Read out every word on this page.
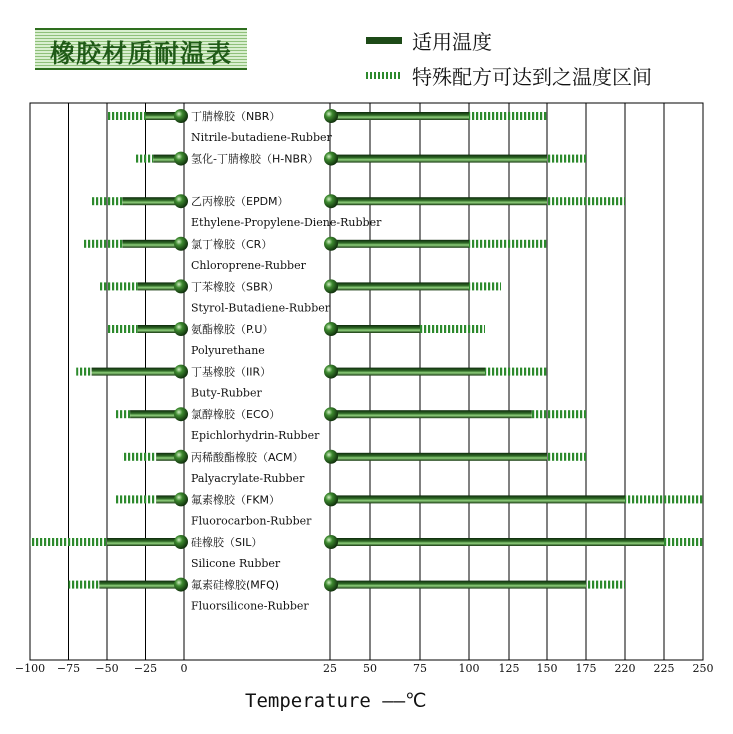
橡胶材质耐温表	适用温度
特殊配方可达到之温度区间
丁腈橡胶（NBR）
Nitrile-butadiene-Rubber
氢化-丁腈橡胶（H-NBR）
乙丙橡胶（EPDM）
Ethylene-Propylene-Diene-Rubber
氯丁橡胶（CR）
Chloroprene-Rubber
丁苯橡胶（SBR）
Styrol-Butadiene-Rubber
氨酯橡胶（P.U）
Polyurethane
丁基橡胶（IIR）
Buty-Rubber
氯醇橡胶（ECO）
Epichlorhydrin-Rubber
丙稀酸酯橡胶（ACM）
Palyacrylate-Rubber
氟素橡胶（FKM）
Fluorocarbon-Rubber
硅橡胶（SIL）
Silicone Rubber
氟素硅橡胶(MFQ)
Fluorsilicone-Rubber
−100 −75 −50 −25 0	25 50	75	100 125 150 175 220 225 250
Temperature ——℃
